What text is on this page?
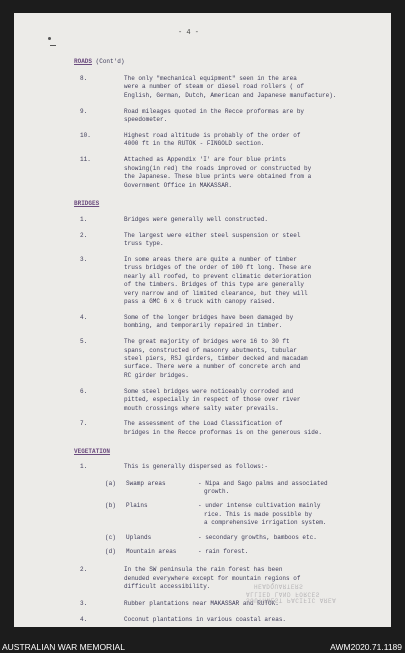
- 4 -
ROADS (Cont'd)
8.	The only "mechanical equipment" seen in the area
were a number of steam or diesel road rollers ( of
English, German, Dutch, American and Japanese manufacture).
9.	Road mileages quoted in the Recce proformas are by
speedometer.
10.	Highest road altitude is probably of the order of
4000 ft in the RUTOK - FINGOLD section.
11.	Attached as Appendix 'I' are four blue prints
showing(in red) the roads improved or constructed by
the Japanese. These blue prints were obtained from a
Government Office in MAKASSAR.
BRIDGES
1.	Bridges were generally well constructed.
2.	The largest were either steel suspension or steel
truss type.
3.	In some areas there are quite a number of timber
truss bridges of the order of 100 ft long. These are
nearly all roofed, to prevent climatic deterioration
of the timbers. Bridges of this type are generally
very narrow and of limited clearance, but they will
pass a GMC 6 x 6 truck with canopy raised.
4.	Some of the longer bridges have been damaged by
bombing, and temporarily repaired in timber.
5.	The great majority of bridges were 16 to 30 ft
spans, constructed of masonry abutments, tubular
steel piers, RSJ girders, timber decked and macadam
surface. There were a number of concrete arch and
RC girder bridges.
6.	Some steel bridges were noticeably corroded and
pitted, especially in respect of those over river
mouth crossings where salty water prevails.
7.	The assessment of the Load Classification of
bridges in the Recce proformas is on the generous side.
VEGETATION
1.	This is generally dispersed as follows:-
(a) Swamp areas	- Nipa and Sago palms and associated
growth.
(b) Plains	- under intense cultivation mainly
rice. This is made possible by
a comprehensive irrigation system.
(c) Uplands	- secondary growths, bamboos etc.
(d) Mountain areas	- rain forest.
2.	In the SW peninsula the rain forest has been
denuded everywhere except for mountain regions of
difficult accessibility.
3.	Rubber plantations near MAKASSAR and RUTOK.
4.	Coconut plantations in various coastal areas.
ALLIED LAND FORCES
SOUTHWEST PACIFIC AREA
HEADQUARTERS
AUSTRALIAN WAR MEMORIAL	AWM2020.71.1189
